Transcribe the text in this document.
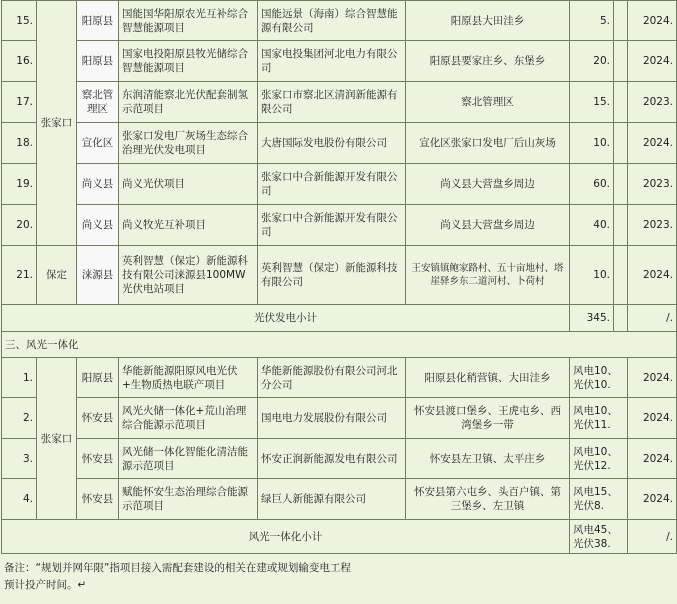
15.	张家口	阳原县	国能国华阳原农光互补综合智慧能源项目	国能远景（海南）综合智慧能源有限公司	阳原县大田洼乡	5.		2024.
16.		阳原县	国家电投阳原县牧光储综合智慧能源项目	国家电投集团河北电力有限公司	阳原县要家庄乡、东堡乡	20.		2024.
17.		察北管理区	东润清能察北光伏配套制氢示范项目	张家口市察北区清润新能源有限公司	察北管理区	15.		2023.
18.		宣化区	张家口发电厂灰场生态综合治理光伏发电项目	大唐国际发电股份有限公司	宣化区张家口发电厂后山灰场	10.		2024.
19.		尚义县	尚义光伏项目	张家口中合新能源开发有限公司	尚义县大营盘乡周边	60.		2023.
20.		尚义县	尚义牧光互补项目	张家口中合新能源开发有限公司	尚义县大营盘乡周边	40.		2023.
21.	保定	涞源县	英利智慧（保定）新能源科技有限公司涞源县100MW光伏电站项目	英利智慧（保定）新能源科技有限公司	王安镇镇鲍家路村、五十亩地村、塔崖驿乡东二道河村、卜荷村	10.		2024.
光伏发电小计						345.		/.
三、风光一体化								
1.	张家口	阳原县	华能新能源阳原风电光伏+生物质热电联产项目	华能新能源股份有限公司河北分公司	阳原县化稍营镇、大田洼乡	风电10、光伏10.		2024.
2.		怀安县	风光火储一体化+荒山治理综合能源示范项目	国电电力发展股份有限公司	怀安县渡口堡乡、王虎屯乡、西湾堡乡一带	风电10、光伏11.		2024.
3.		怀安县	风光储一体化智能化清洁能源示范项目	怀安正润新能源发电有限公司	怀安县左卫镇、太平庄乡	风电10、光伏12.		2024.
4.		怀安县	赋能怀安生态治理综合能源示范项目	绿巨人新能源有限公司	怀安县第六屯乡、头百户镇、第三堡乡、左卫镇	风电15、光伏8.		2024.
风光一体化小计						风电45、光伏38.		/.
备注：“规划并网年限”指项目接入需配套建设的相关在建或规划输变电工程
预计投产时间。↵
